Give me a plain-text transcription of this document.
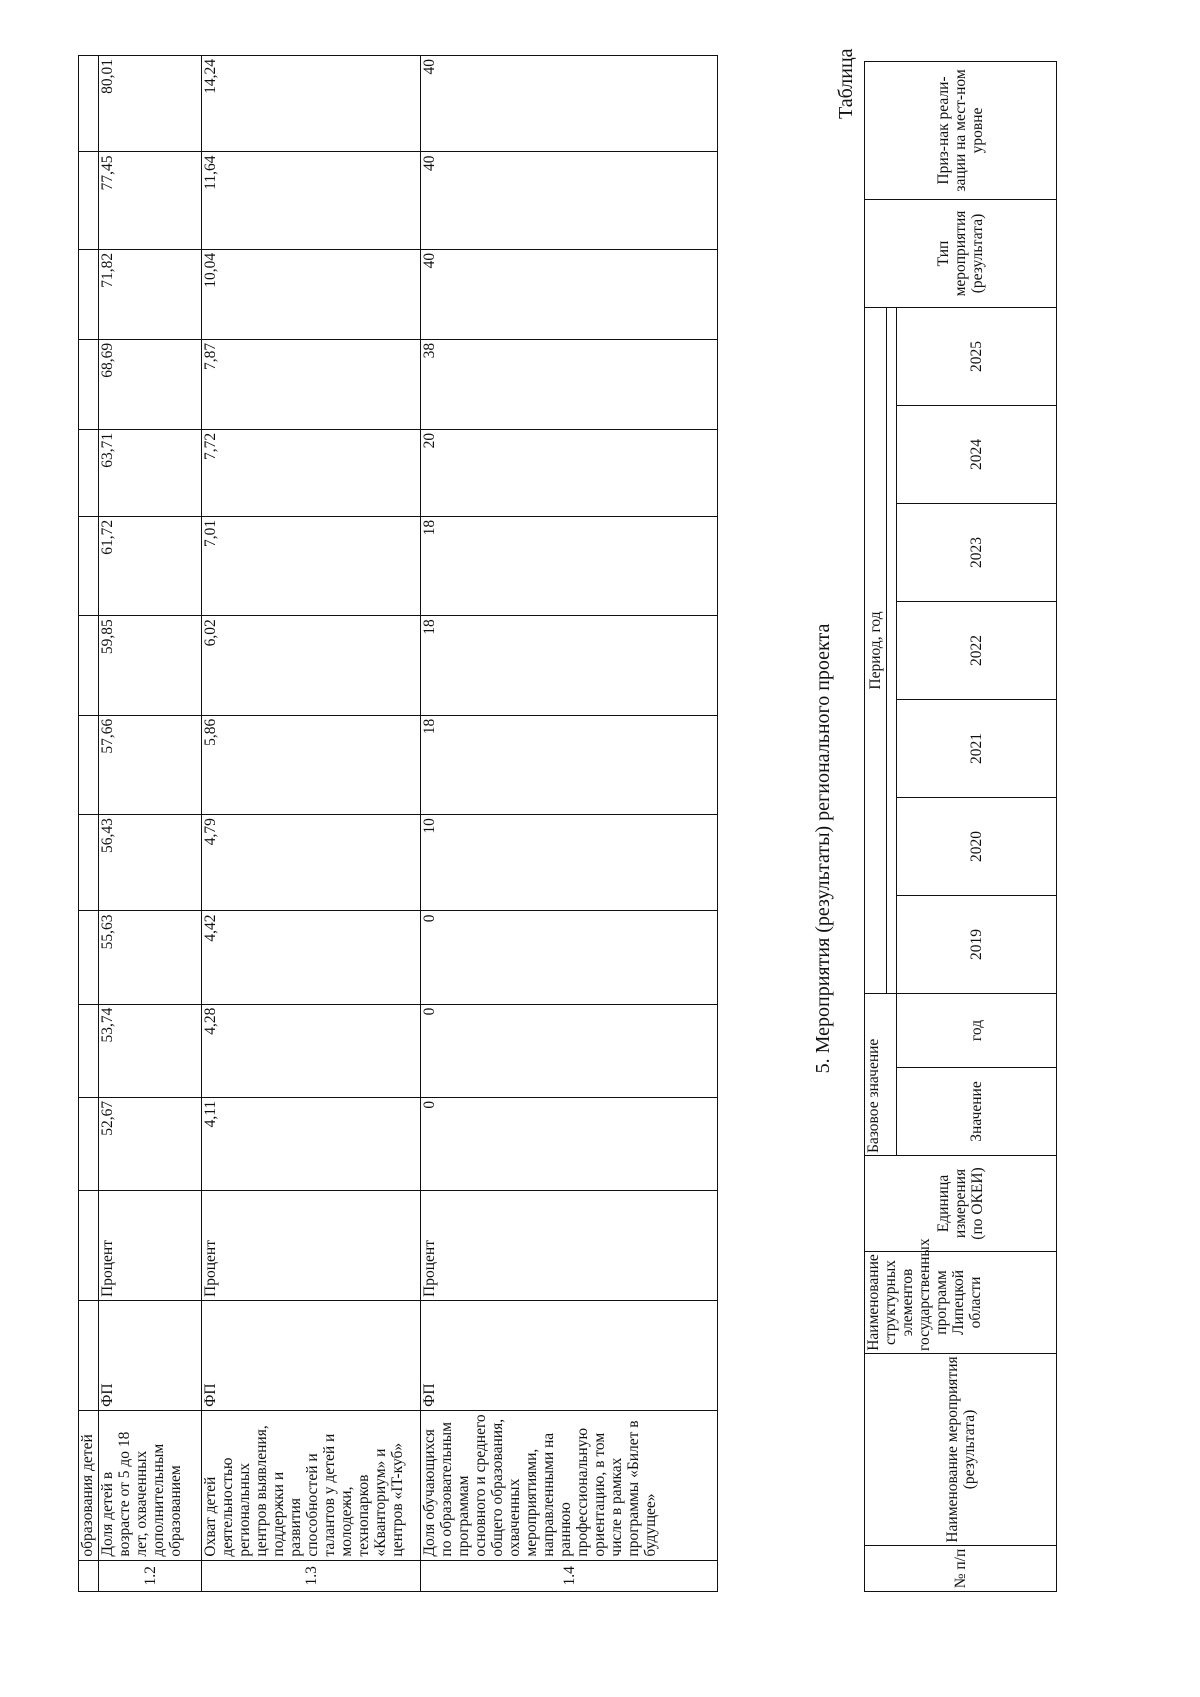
	образования детей														
1.2	Доля детей в возрасте от 5 до 18 лет, охваченных дополнительным образованием	ФП	Процент	52,67	53,74	55,63	56,43	57,66	59,85	61,72	63,71	68,69	71,82	77,45	80,01
1.3	Охват детей деятельностью региональных центров выявления, поддержки и развития способностей и талантов у детей и молодежи, технопарков «Кванториум» и центров «IT-куб»	ФП	Процент	4,11	4,28	4,42	4,79	5,86	6,02	7,01	7,72	7,87	10,04	11,64	14,24
1.4	Доля обучающихся по образовательным программам основного и среднего общего образования, охваченных мероприятиями, направленными на раннюю профессиональную ориентацию, в том числе в рамках программы «Билет в будущее»	ФП	Процент	0	0	0	10	18	18	18	20	38	40	40	40
5. Мероприятия (результаты) регионального проекта
Таблица
№ п/п	Наименование мероприятия (результата)	Наименование структурных элементов государственных программ Липецкой области	Единица измерения (по ОКЕИ)	Базовое значение		Период, год							Тип мероприятия (результата)	Приз-нак реали-зации на мест-ном уровне

				Значение	год	2019	2020	2021	2022	2023	2024	2025		
